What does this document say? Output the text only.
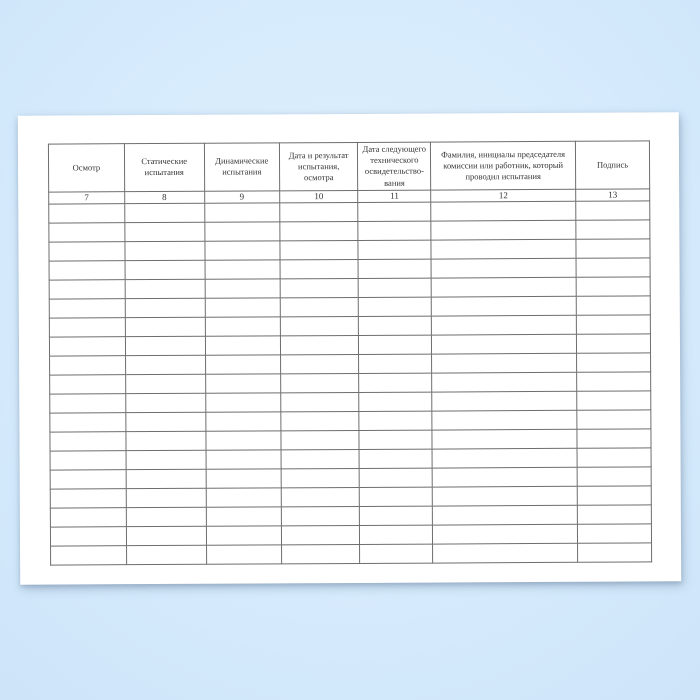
Осмотр	Статические испытания	Динамические испытания	Дата и результат испытания, осмотра	Дата следующего технического освидетельство-вания	Фамилия, инициалы председателя комиссии или работник, который проводил испытания	Подпись
7	8	9	10	11	12	13
